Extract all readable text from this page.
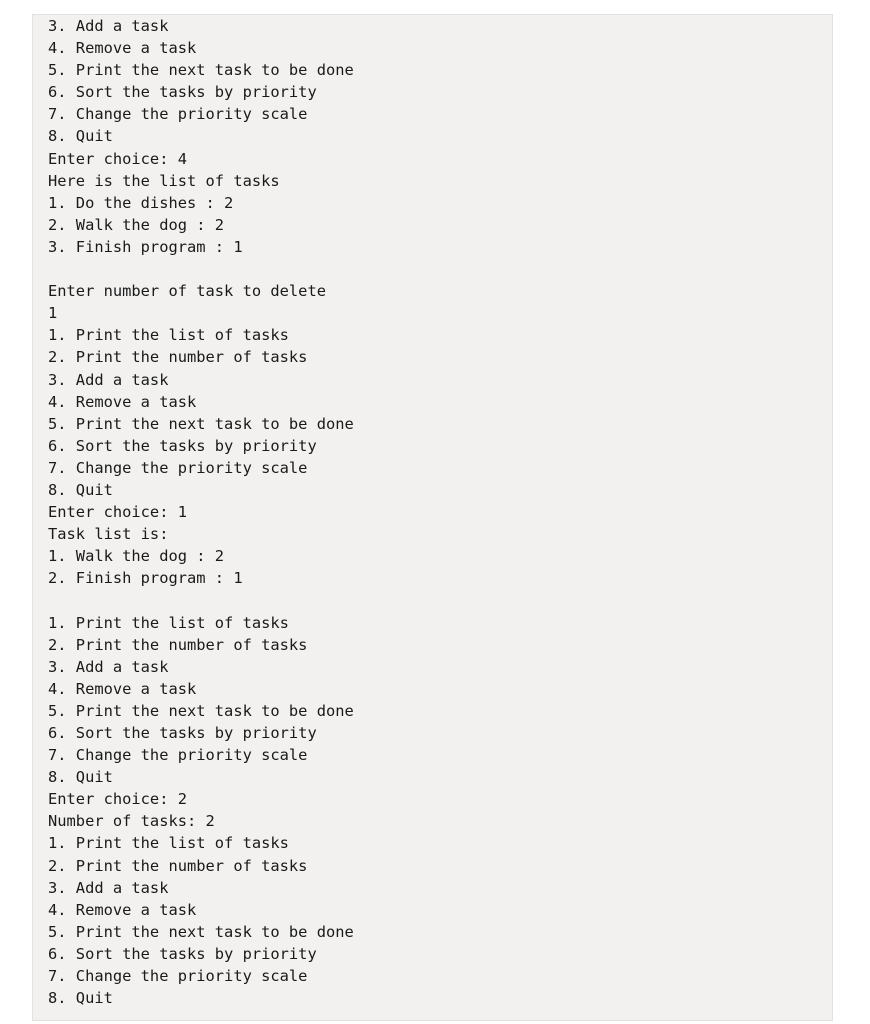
3. Add a task
4. Remove a task
5. Print the next task to be done
6. Sort the tasks by priority
7. Change the priority scale
8. Quit
Enter choice: 4
Here is the list of tasks
1. Do the dishes : 2
2. Walk the dog : 2
3. Finish program : 1
Enter number of task to delete
1
1. Print the list of tasks
2. Print the number of tasks
3. Add a task
4. Remove a task
5. Print the next task to be done
6. Sort the tasks by priority
7. Change the priority scale
8. Quit
Enter choice: 1
Task list is:
1. Walk the dog : 2
2. Finish program : 1
1. Print the list of tasks
2. Print the number of tasks
3. Add a task
4. Remove a task
5. Print the next task to be done
6. Sort the tasks by priority
7. Change the priority scale
8. Quit
Enter choice: 2
Number of tasks: 2
1. Print the list of tasks
2. Print the number of tasks
3. Add a task
4. Remove a task
5. Print the next task to be done
6. Sort the tasks by priority
7. Change the priority scale
8. Quit
